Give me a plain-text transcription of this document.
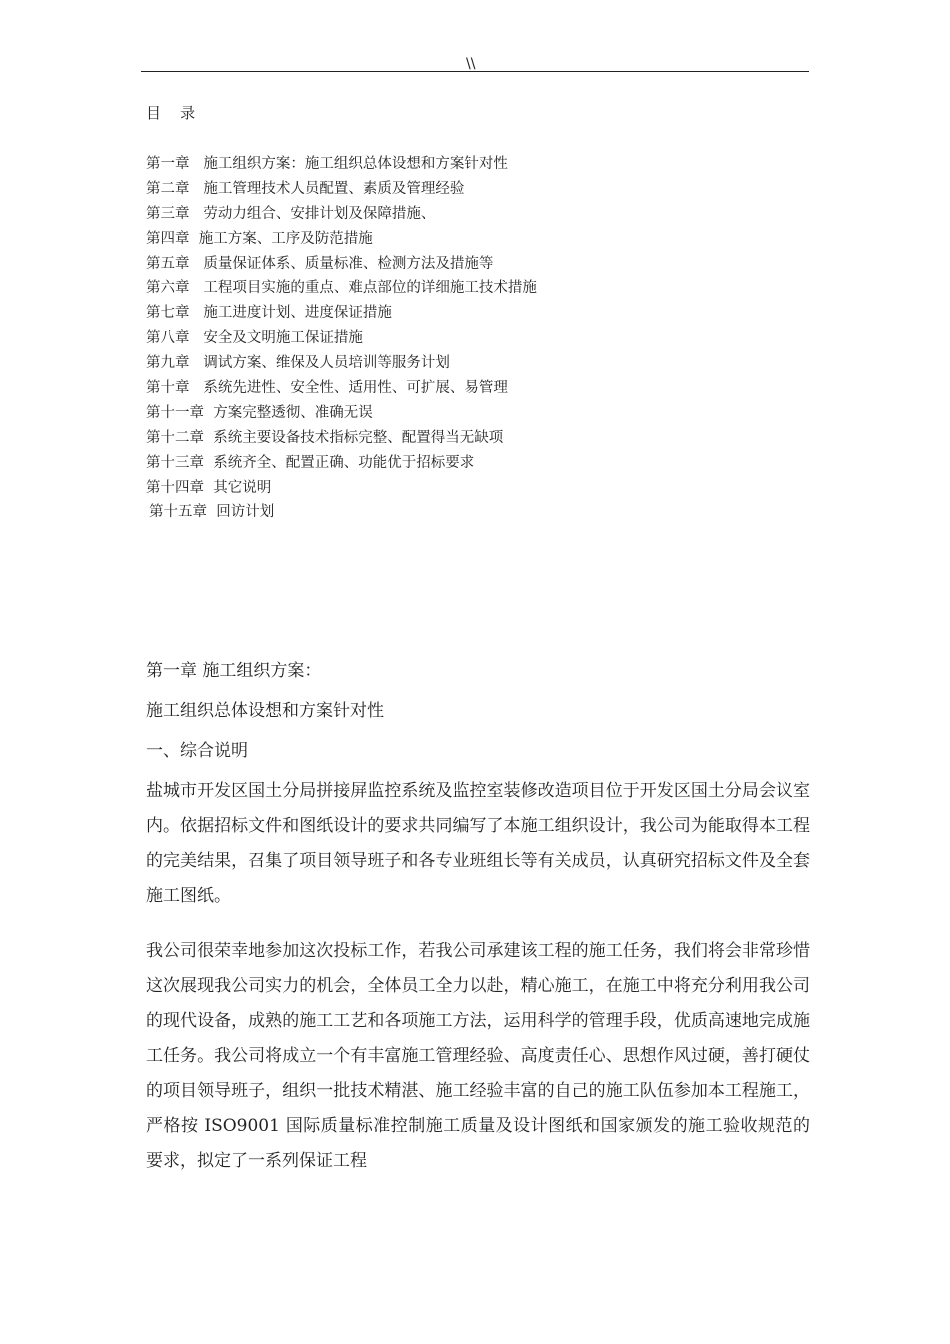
\\
目    录
第一章   施工组织方案：施工组织总体设想和方案针对性
第二章   施工管理技术人员配置、素质及管理经验
第三章   劳动力组合、安排计划及保障措施、
第四章  施工方案、工序及防范措施
第五章   质量保证体系、质量标准、检测方法及措施等
第六章   工程项目实施的重点、难点部位的详细施工技术措施
第七章   施工进度计划、进度保证措施
第八章   安全及文明施工保证措施
第九章   调试方案、维保及人员培训等服务计划
第十章   系统先进性、安全性、适用性、可扩展、易管理
第十一章  方案完整透彻、准确无误
第十二章  系统主要设备技术指标完整、配置得当无缺项
第十三章  系统齐全、配置正确、功能优于招标要求
第十四章  其它说明
第十五章  回访计划
第一章 施工组织方案：
施工组织总体设想和方案针对性
一、综合说明

盐城市开发区国土分局拼接屏监控系统及监控室装修改造项目位于开发区国土分局会议室内。依据招标文件和图纸设计的要求共同编写了本施工组织设计，我公司为能取得本工程的完美结果，召集了项目领导班子和各专业班组长等有关成员，认真研究招标文件及全套施工图纸。

我公司很荣幸地参加这次投标工作，若我公司承建该工程的施工任务，我们将会非常珍惜这次展现我公司实力的机会，全体员工全力以赴，精心施工，在施工中将充分利用我公司的现代设备，成熟的施工工艺和各项施工方法，运用科学的管理手段，优质高速地完成施工任务。我公司将成立一个有丰富施工管理经验、高度责任心、思想作风过硬，善打硬仗的项目领导班子，组织一批技术精湛、施工经验丰富的自己的施工队伍参加本工程施工，严格按 ISO9001 国际质量标准控制施工质量及设计图纸和国家颁发的施工验收规范的要求，拟定了一系列保证工程
